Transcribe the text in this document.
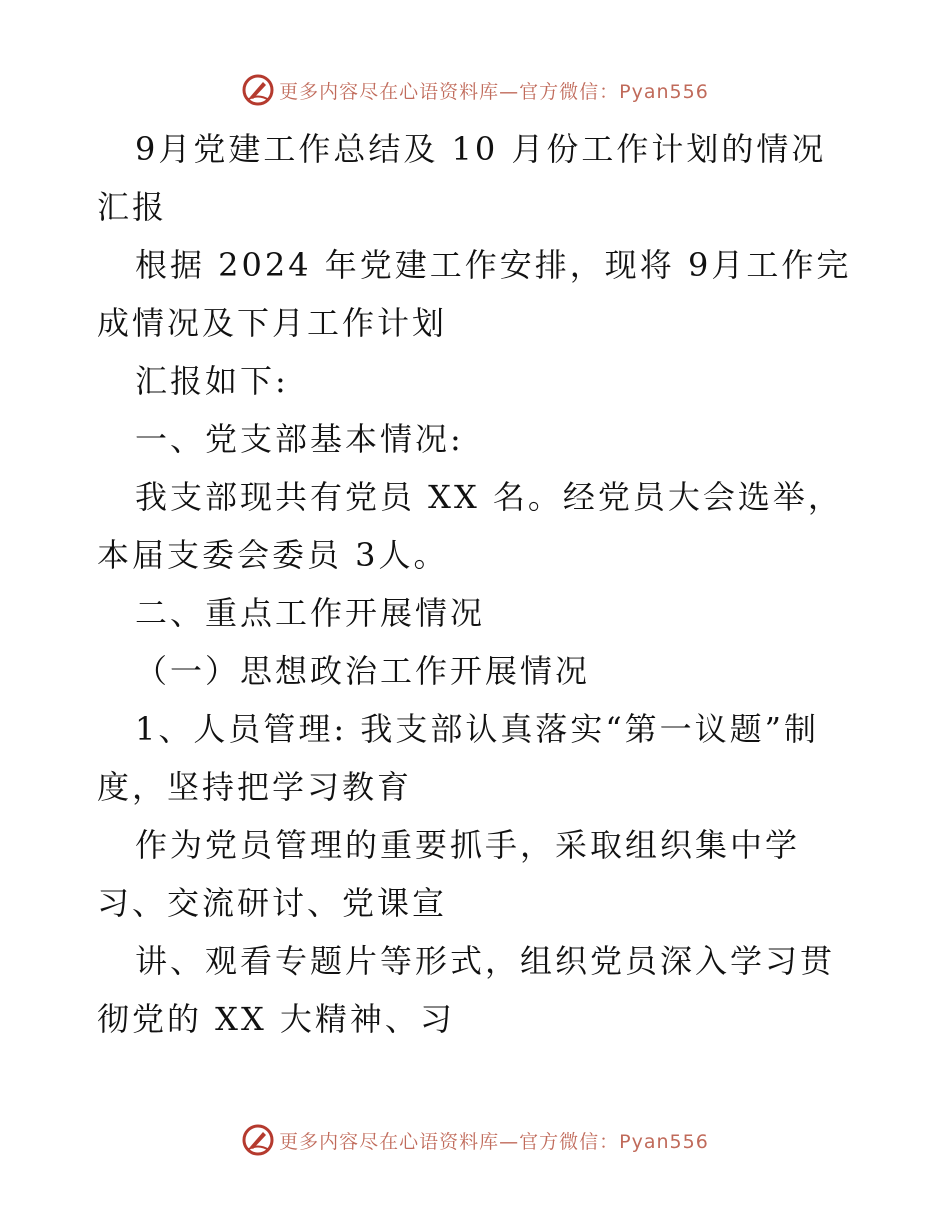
更多内容尽在心语资料库—官方微信：Pyan556

9月党建工作总结及 10 月份工作计划的情况汇报

根据 2024 年党建工作安排，现将 9月工作完成情况及下月工作计划

汇报如下:

一、党支部基本情况:

我支部现共有党员 XX 名。经党员大会选举，本届支委会委员 3人。

二、重点工作开展情况

（一）思想政治工作开展情况

1、人员管理: 我支部认真落实“第一议题”制度，坚持把学习教育

作为党员管理的重要抓手，采取组织集中学习、交流研讨、党课宣

讲、观看专题片等形式，组织党员深入学习贯彻党的 XX 大精神、习

更多内容尽在心语资料库—官方微信：Pyan556
